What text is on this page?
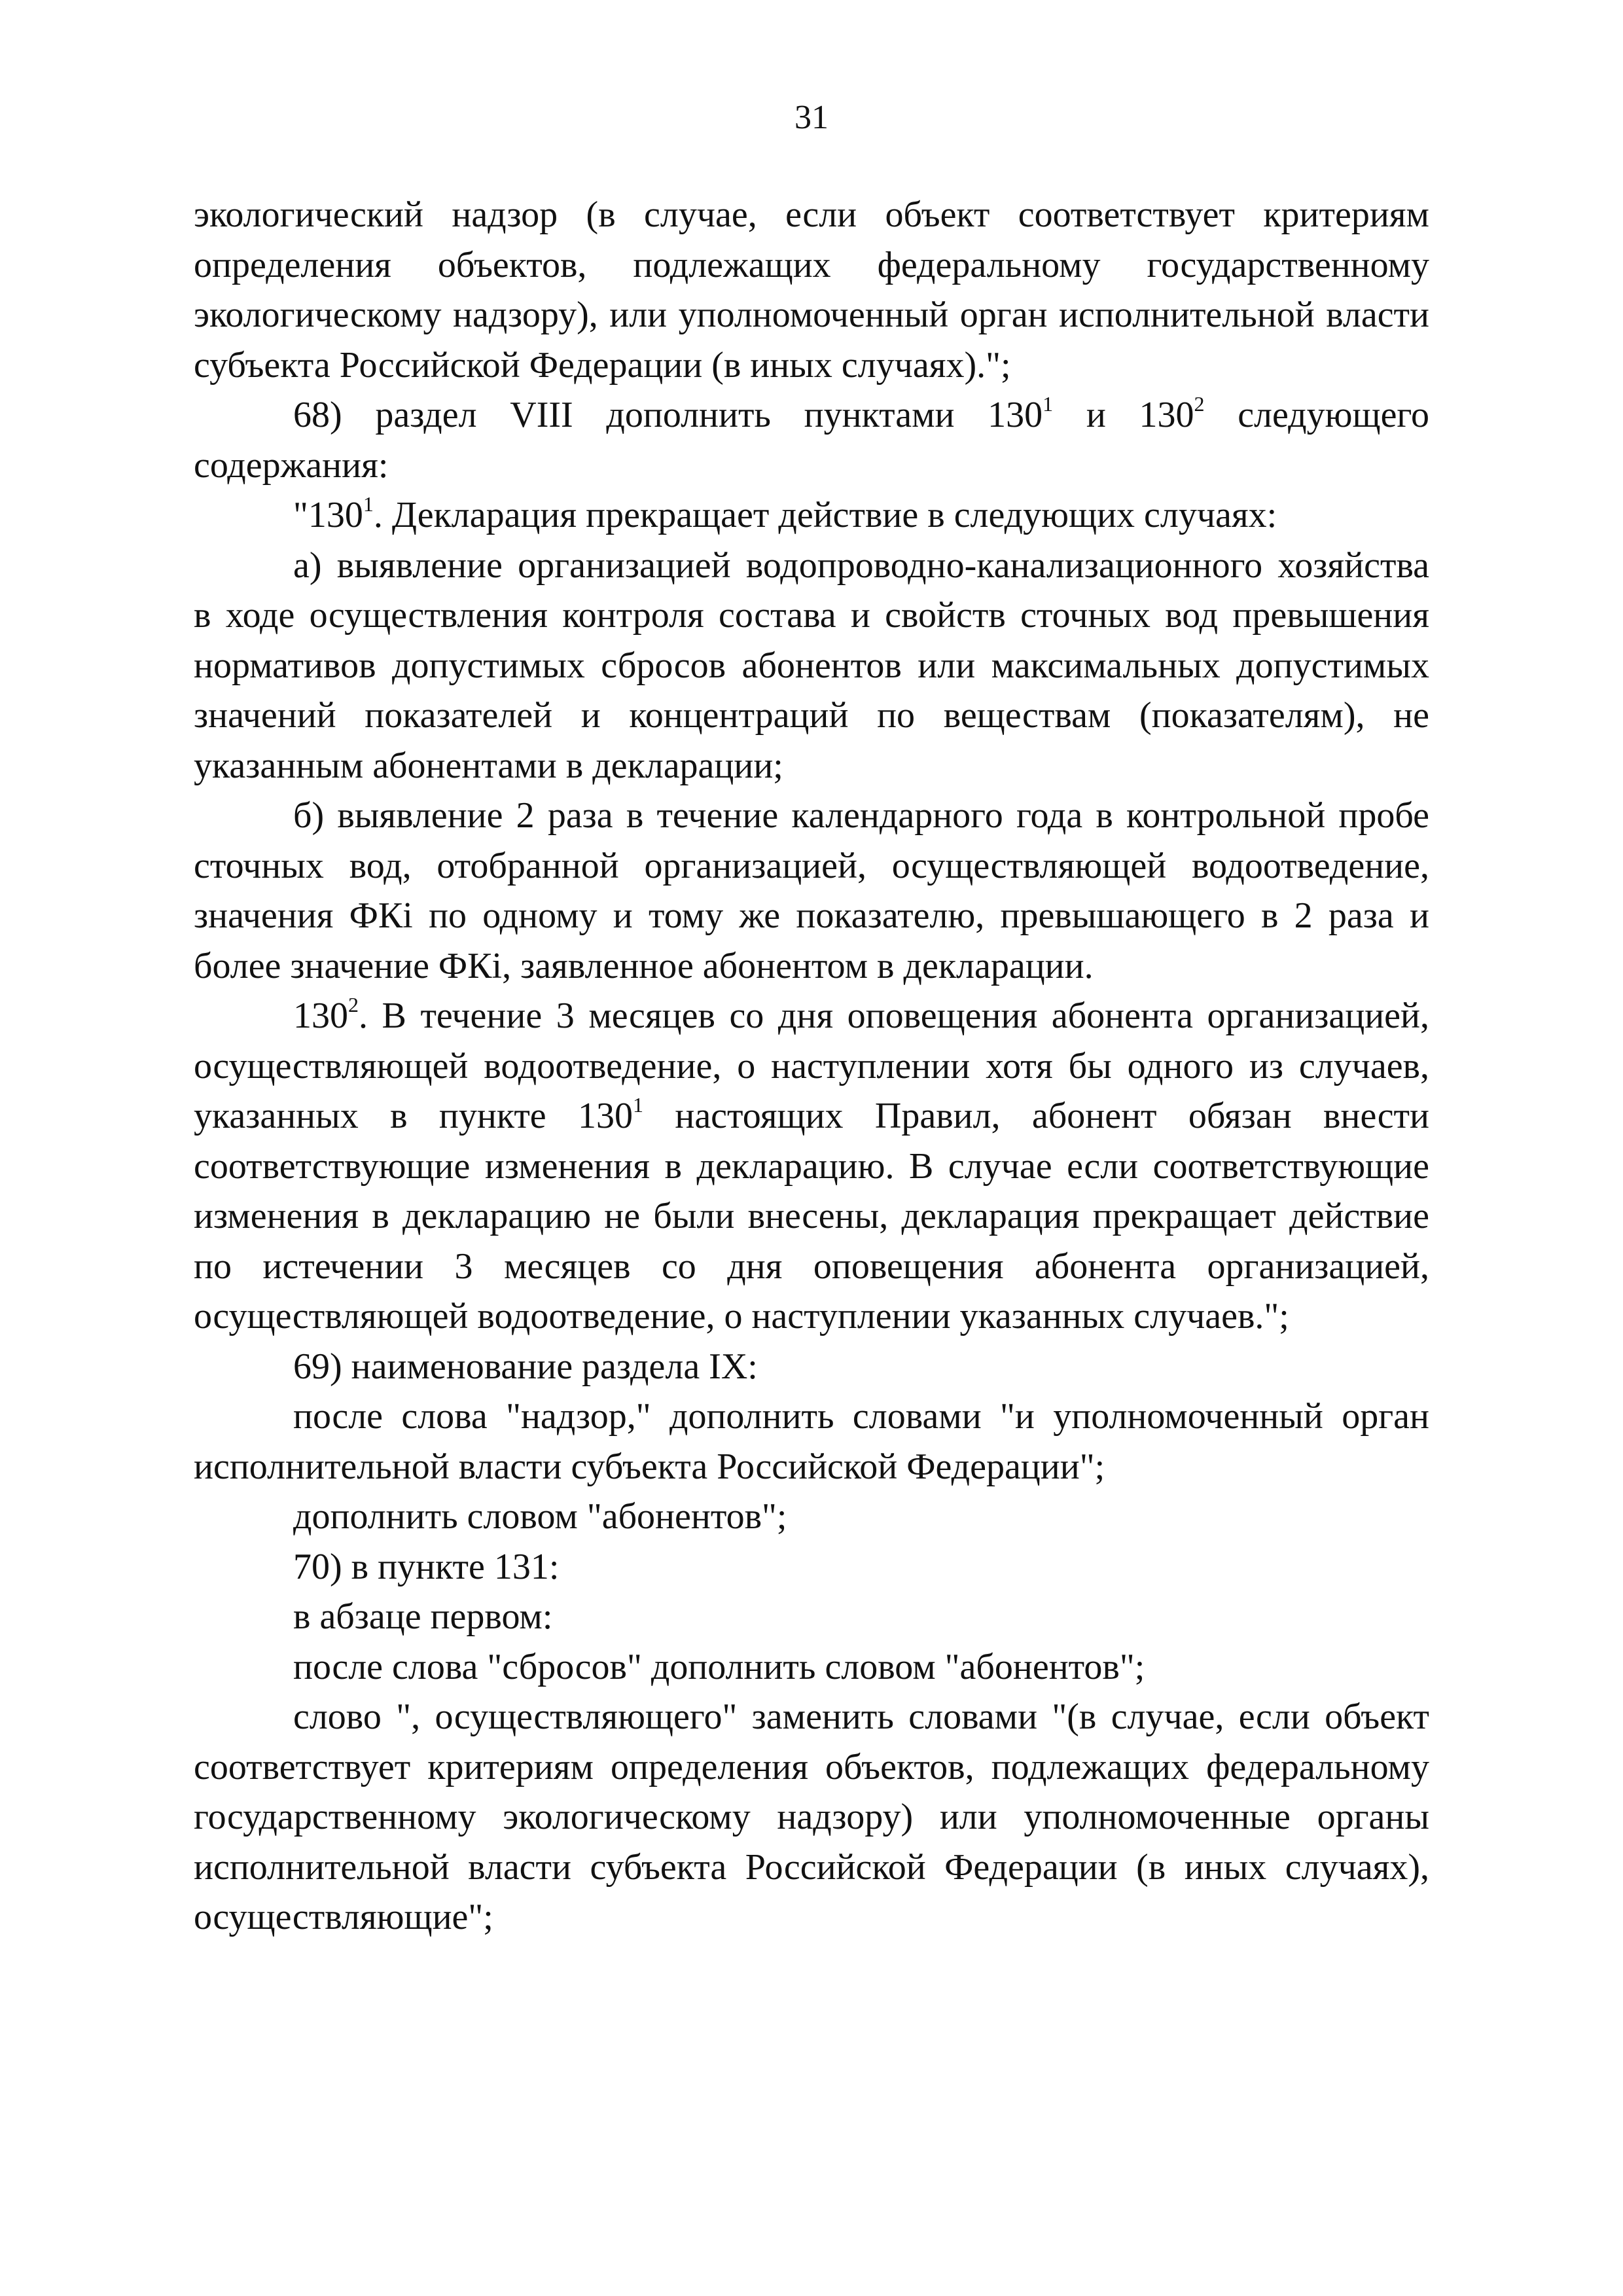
31

экологический надзор (в случае, если объект соответствует критериям определения объектов, подлежащих федеральному государственному экологическому надзору), или уполномоченный орган исполнительной власти субъекта Российской Федерации (в иных случаях).";

68) раздел VIII дополнить пунктами $130^1$ и $130^2$ следующего содержания:

"$130^1$. Декларация прекращает действие в следующих случаях:

а) выявление организацией водопроводно-канализационного хозяйства в ходе осуществления контроля состава и свойств сточных вод превышения нормативов допустимых сбросов абонентов или максимальных допустимых значений показателей и концентраций по веществам (показателям), не указанным абонентами в декларации;

б) выявление 2 раза в течение календарного года в контрольной пробе сточных вод, отобранной организацией, осуществляющей водоотведение, значения ФКi по одному и тому же показателю, превышающего в 2 раза и более значение ФКi, заявленное абонентом в декларации.

$130^2$. В течение 3 месяцев со дня оповещения абонента организацией, осуществляющей водоотведение, о наступлении хотя бы одного из случаев, указанных в пункте $130^1$ настоящих Правил, абонент обязан внести соответствующие изменения в декларацию. В случае если соответствующие изменения в декларацию не были внесены, декларация прекращает действие по истечении 3 месяцев со дня оповещения абонента организацией, осуществляющей водоотведение, о наступлении указанных случаев.";

69) наименование раздела IX:

после слова "надзор," дополнить словами "и уполномоченный орган исполнительной власти субъекта Российской Федерации";

дополнить словом "абонентов";

70) в пункте 131:

в абзаце первом:

после слова "сбросов" дополнить словом "абонентов";

слово ", осуществляющего" заменить словами "(в случае, если объект соответствует критериям определения объектов, подлежащих федеральному государственному экологическому надзору) или уполномоченные органы исполнительной власти субъекта Российской Федерации (в иных случаях), осуществляющие";
